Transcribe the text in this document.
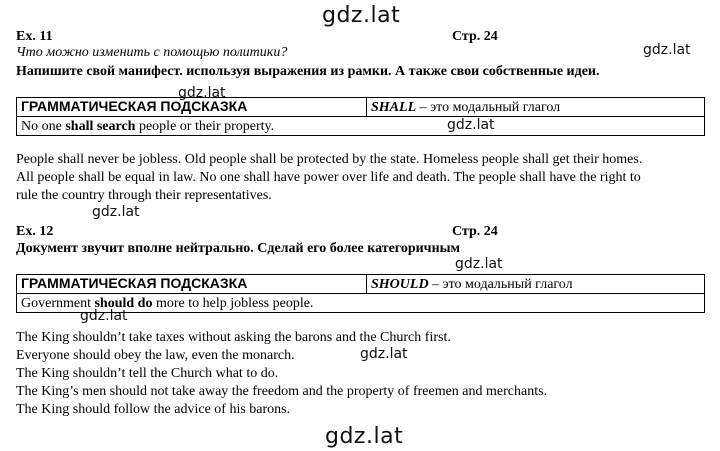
gdz.lat
gdz.lat
gdz.lat
gdz.lat
gdz.lat
gdz.lat
gdz.lat
gdz.lat
gdz.lat
Ex. 11	Стр. 24
Что можно изменить с помощью политики?
Напишите свой манифест. используя выражения из рамки. А также свои собственные идеи.
ГРАММАТИЧЕСКАЯ ПОДСКАЗКА	SHALL – это модальный глагол
No one shall search people or their property.
People shall never be jobless. Old people shall be protected by the state. Homeless people shall get their homes.
All people shall be equal in law. No one shall have power over life and death. The people shall have the right to
rule the country through their representatives.
Ex. 12	Стр. 24
Документ звучит вполне нейтрально. Сделай его более категоричным
ГРАММАТИЧЕСКАЯ ПОДСКАЗКА	SHOULD – это модальный глагол
Government should do more to help jobless people.
The King shouldn’t take taxes without asking the barons and the Church first.
Everyone should obey the law, even the monarch.
The King shouldn’t tell the Church what to do.
The King’s men should not take away the freedom and the property of freemen and merchants.
The King should follow the advice of his barons.
